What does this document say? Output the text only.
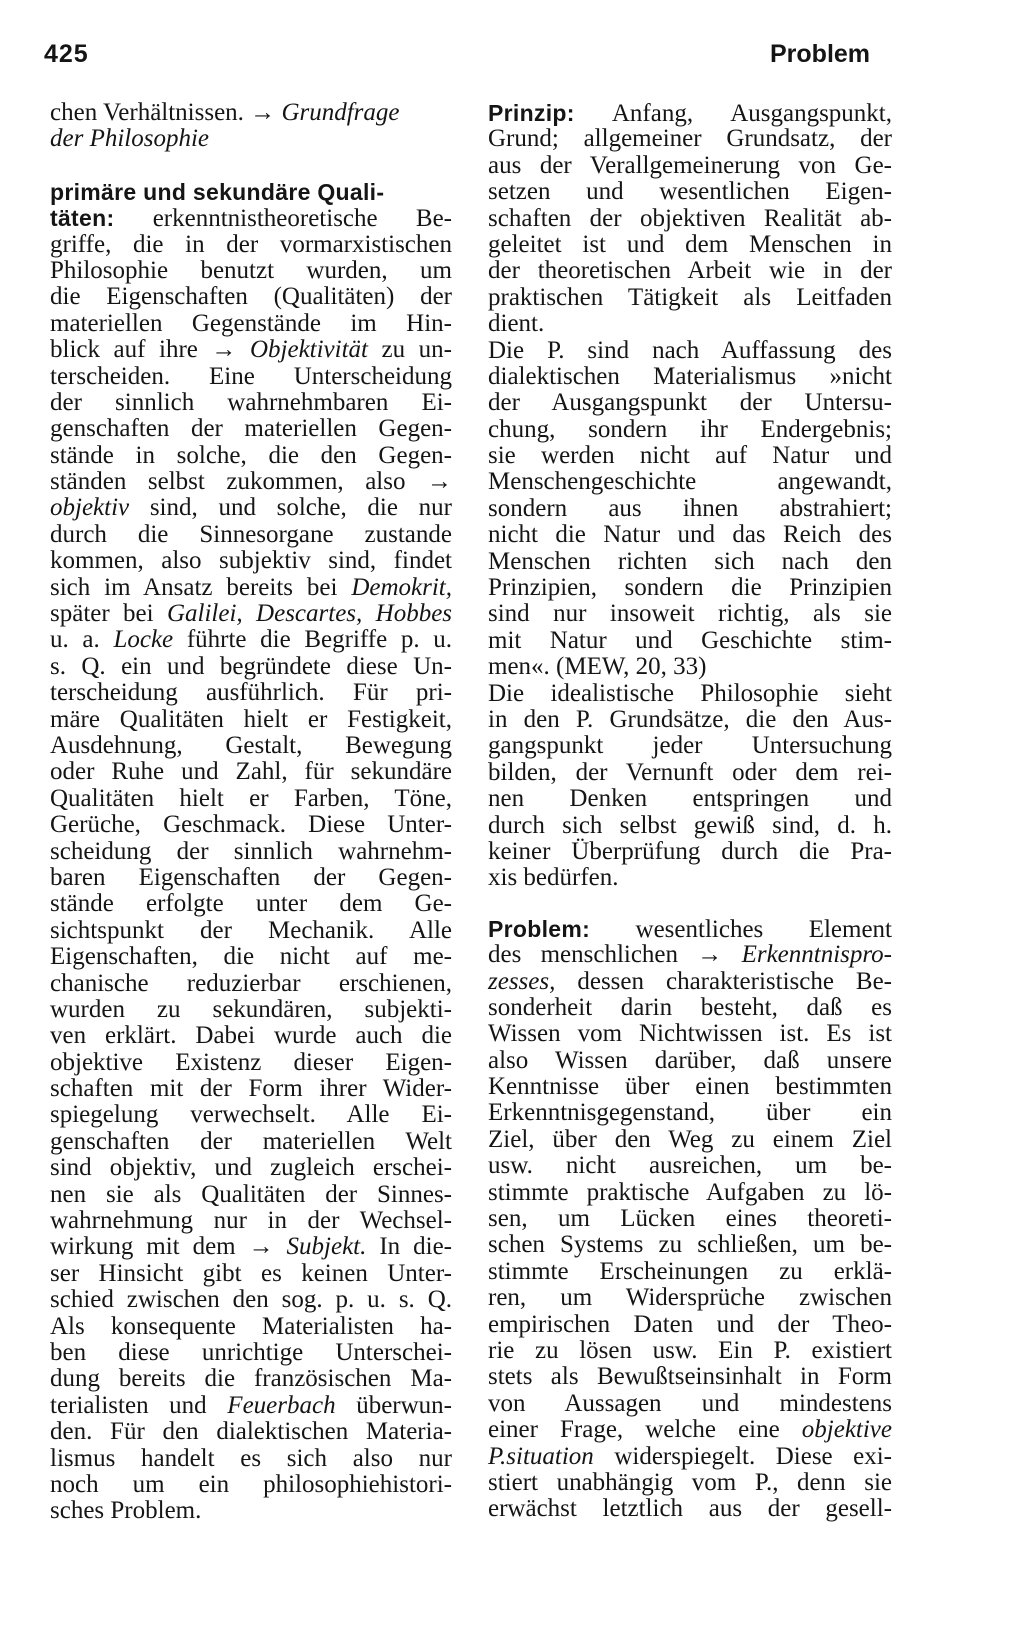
425	Problem
chen Verhältnissen. → Grundfrage
der Philosophie
primäre und sekundäre Quali-
täten: erkenntnistheoretische Be-
griffe, die in der vormarxistischen
Philosophie benutzt wurden, um
die Eigenschaften (Qualitäten) der
materiellen Gegenstände im Hin-
blick auf ihre → Objektivität zu un-
terscheiden. Eine Unterscheidung
der sinnlich wahrnehmbaren Ei-
genschaften der materiellen Gegen-
stände in solche, die den Gegen-
ständen selbst zukommen, also →
objektiv sind, und solche, die nur
durch die Sinnesorgane zustande
kommen, also subjektiv sind, findet
sich im Ansatz bereits bei Demokrit,
später bei Galilei, Descartes, Hobbes
u. a. Locke führte die Begriffe p. u.
s. Q. ein und begründete diese Un-
terscheidung ausführlich. Für pri-
märe Qualitäten hielt er Festigkeit,
Ausdehnung, Gestalt, Bewegung
oder Ruhe und Zahl, für sekundäre
Qualitäten hielt er Farben, Töne,
Gerüche, Geschmack. Diese Unter-
scheidung der sinnlich wahrnehm-
baren Eigenschaften der Gegen-
stände erfolgte unter dem Ge-
sichtspunkt der Mechanik. Alle
Eigenschaften, die nicht auf me-
chanische reduzierbar erschienen,
wurden zu sekundären, subjekti-
ven erklärt. Dabei wurde auch die
objektive Existenz dieser Eigen-
schaften mit der Form ihrer Wider-
spiegelung verwechselt. Alle Ei-
genschaften der materiellen Welt
sind objektiv, und zugleich erschei-
nen sie als Qualitäten der Sinnes-
wahrnehmung nur in der Wechsel-
wirkung mit dem → Subjekt. In die-
ser Hinsicht gibt es keinen Unter-
schied zwischen den sog. p. u. s. Q.
Als konsequente Materialisten ha-
ben diese unrichtige Unterschei-
dung bereits die französischen Ma-
terialisten und Feuerbach überwun-
den. Für den dialektischen Materia-
lismus handelt es sich also nur
noch um ein philosophiehistori-
sches Problem.
Prinzip: Anfang, Ausgangspunkt,
Grund; allgemeiner Grundsatz, der
aus der Verallgemeinerung von Ge-
setzen und wesentlichen Eigen-
schaften der objektiven Realität ab-
geleitet ist und dem Menschen in
der theoretischen Arbeit wie in der
praktischen Tätigkeit als Leitfaden
dient.
Die P. sind nach Auffassung des
dialektischen Materialismus »nicht
der Ausgangspunkt der Untersu-
chung, sondern ihr Endergebnis;
sie werden nicht auf Natur und
Menschengeschichte angewandt,
sondern aus ihnen abstrahiert;
nicht die Natur und das Reich des
Menschen richten sich nach den
Prinzipien, sondern die Prinzipien
sind nur insoweit richtig, als sie
mit Natur und Geschichte stim-
men«. (MEW, 20, 33)
Die idealistische Philosophie sieht
in den P. Grundsätze, die den Aus-
gangspunkt jeder Untersuchung
bilden, der Vernunft oder dem rei-
nen Denken entspringen und
durch sich selbst gewiß sind, d. h.
keiner Überprüfung durch die Pra-
xis bedürfen.
Problem: wesentliches Element
des menschlichen → Erkenntnispro-
zesses, dessen charakteristische Be-
sonderheit darin besteht, daß es
Wissen vom Nichtwissen ist. Es ist
also Wissen darüber, daß unsere
Kenntnisse über einen bestimmten
Erkenntnisgegenstand, über ein
Ziel, über den Weg zu einem Ziel
usw. nicht ausreichen, um be-
stimmte praktische Aufgaben zu lö-
sen, um Lücken eines theoreti-
schen Systems zu schließen, um be-
stimmte Erscheinungen zu erklä-
ren, um Widersprüche zwischen
empirischen Daten und der Theo-
rie zu lösen usw. Ein P. existiert
stets als Bewußtseinsinhalt in Form
von Aussagen und mindestens
einer Frage, welche eine objektive
P.situation widerspiegelt. Diese exi-
stiert unabhängig vom P., denn sie
erwächst letztlich aus der gesell-
